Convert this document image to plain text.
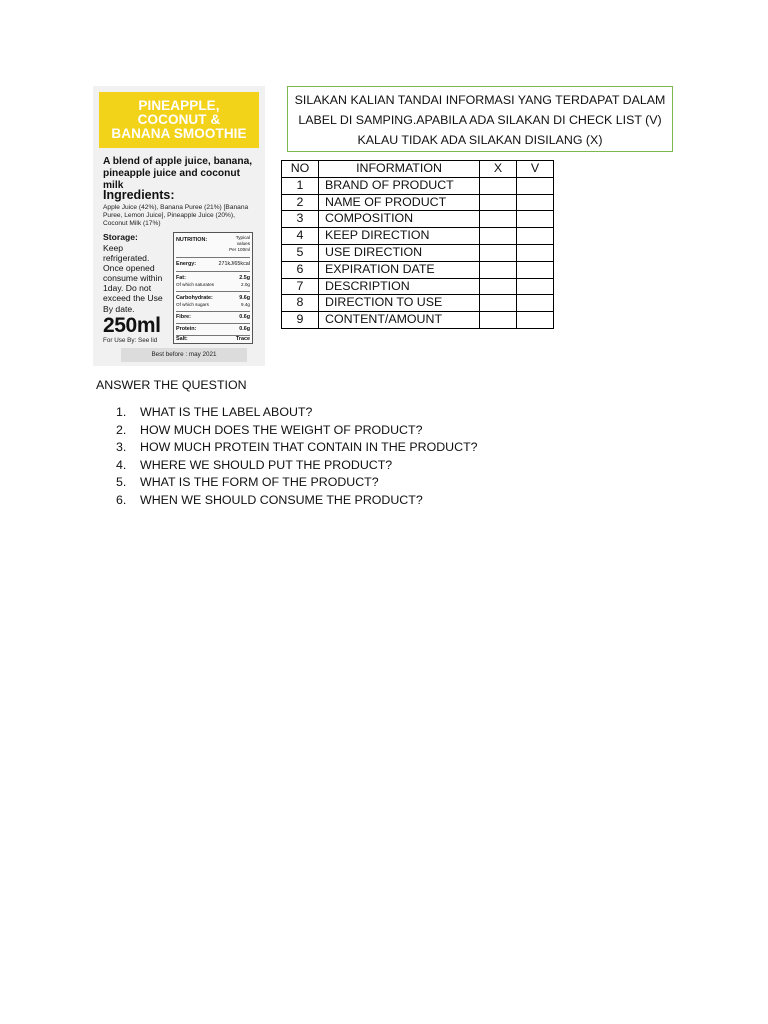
PINEAPPLE,
COCONUT &
BANANA SMOOTHIE
A blend of apple juice, banana, pineapple juice and coconut milk
Ingredients:
Apple Juice (42%), Banana Puree (21%) [Banana Puree, Lemon Juice], Pineapple Juice (20%), Coconut Milk (17%)
Storage:
Keep refrigerated. Once opened consume within 1day. Do not exceed the Use By date.
NUTRITION:	Typical
values
Per 100ml
Energy:	271kJ/65kcal
Fat:	2.5g
Of which saturates	2.0g
Carbohydrate:	9.6g
Of which sugars	9.4g
Fibre:	0.6g
Protein:	0.6g
Salt:	Trace
250ml
For Use By: See lid
Best before : may 2021
SILAKAN KALIAN TANDAI INFORMASI YANG TERDAPAT DALAM
LABEL DI SAMPING.APABILA ADA SILAKAN DI CHECK LIST (V)
KALAU TIDAK ADA SILAKAN DISILANG (X)
NO	INFORMATION	X	V
1	BRAND OF PRODUCT		
2	NAME OF PRODUCT		
3	COMPOSITION		
4	KEEP DIRECTION		
5	USE DIRECTION		
6	EXPIRATION DATE		
7	DESCRIPTION		
8	DIRECTION TO USE		
9	CONTENT/AMOUNT		
ANSWER THE QUESTION
1. WHAT IS THE LABEL ABOUT?
2. HOW MUCH DOES THE WEIGHT OF PRODUCT?
3. HOW MUCH PROTEIN THAT CONTAIN IN THE PRODUCT?
4. WHERE WE SHOULD PUT THE PRODUCT?
5. WHAT IS THE FORM OF THE PRODUCT?
6. WHEN WE SHOULD CONSUME THE PRODUCT?
